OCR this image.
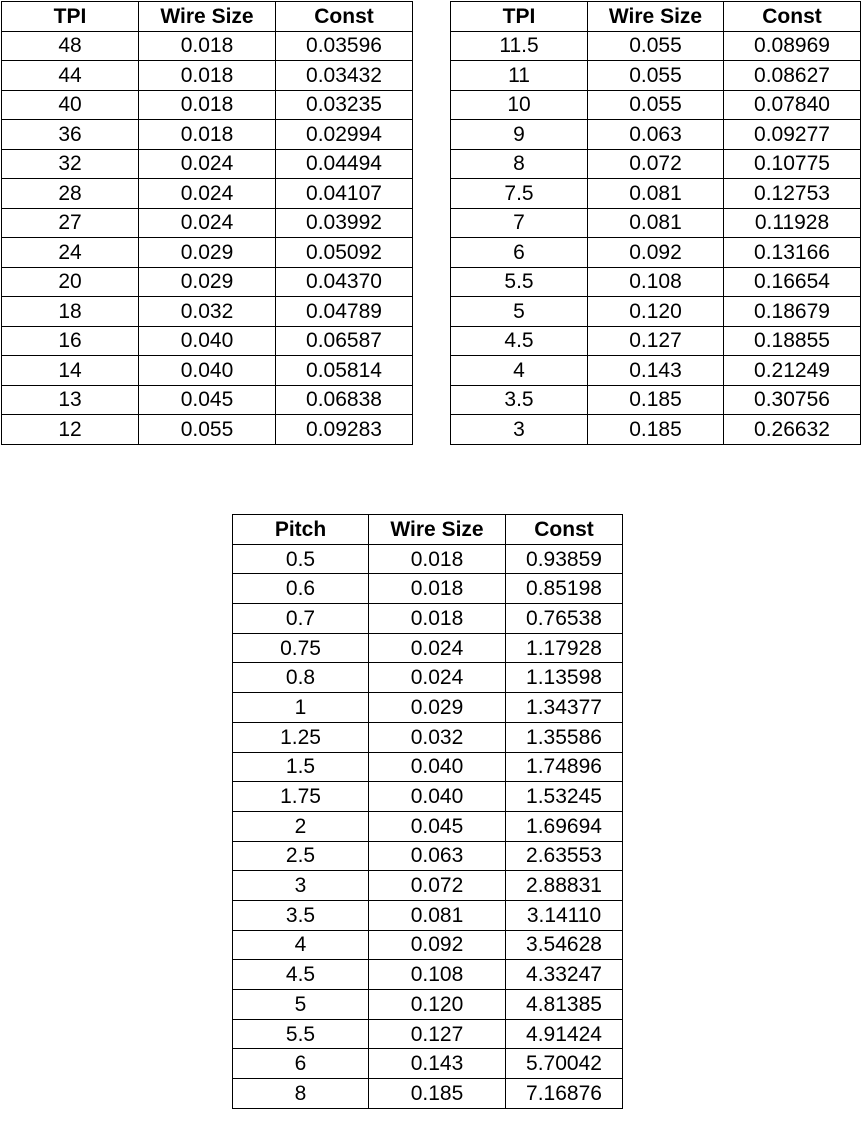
TPI	Wire Size	Const
48	0.018	0.03596
44	0.018	0.03432
40	0.018	0.03235
36	0.018	0.02994
32	0.024	0.04494
28	0.024	0.04107
27	0.024	0.03992
24	0.029	0.05092
20	0.029	0.04370
18	0.032	0.04789
16	0.040	0.06587
14	0.040	0.05814
13	0.045	0.06838
12	0.055	0.09283
TPI	Wire Size	Const
11.5	0.055	0.08969
11	0.055	0.08627
10	0.055	0.07840
9	0.063	0.09277
8	0.072	0.10775
7.5	0.081	0.12753
7	0.081	0.11928
6	0.092	0.13166
5.5	0.108	0.16654
5	0.120	0.18679
4.5	0.127	0.18855
4	0.143	0.21249
3.5	0.185	0.30756
3	0.185	0.26632
Pitch	Wire Size	Const
0.5	0.018	0.93859
0.6	0.018	0.85198
0.7	0.018	0.76538
0.75	0.024	1.17928
0.8	0.024	1.13598
1	0.029	1.34377
1.25	0.032	1.35586
1.5	0.040	1.74896
1.75	0.040	1.53245
2	0.045	1.69694
2.5	0.063	2.63553
3	0.072	2.88831
3.5	0.081	3.14110
4	0.092	3.54628
4.5	0.108	4.33247
5	0.120	4.81385
5.5	0.127	4.91424
6	0.143	5.70042
8	0.185	7.16876
